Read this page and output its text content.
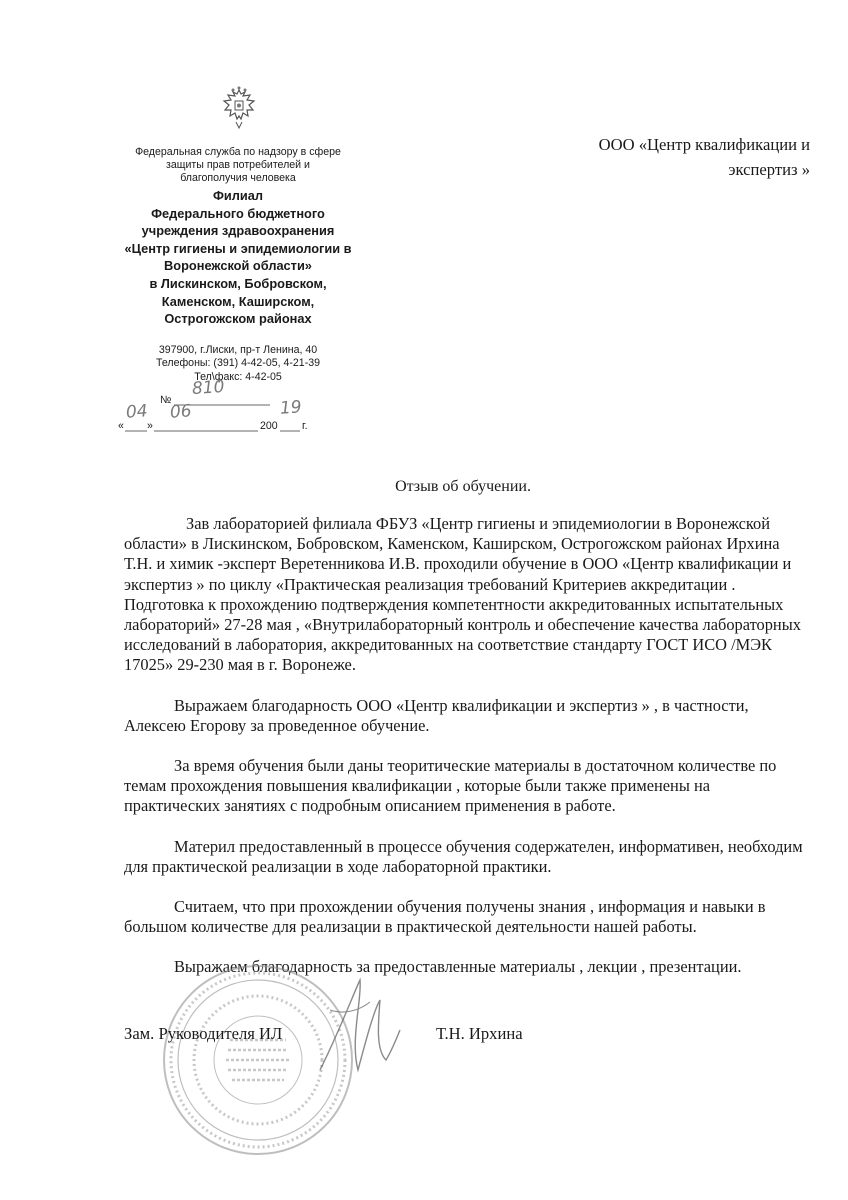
Федеральная служба по надзору в сфере
защиты прав потребителей и
благополучия человека
Филиал
Федерального бюджетного
учреждения здравоохранения
«Центр гигиены и эпидемиологии в
Воронежской области»
в Лискинском, Бобровском,
Каменском, Каширском,
Острогожском районах
397900, г.Лиски, пр-т Ленина, 40
Телефоны: (391) 4-42-05, 4-21-39
Тел\факс: 4-42-05
№
810
«
04
»
06
200
19
г.
ООО «Центр квалификации и
экспертиз »
Отзыв об обучении.

Зав лабораторией филиала ФБУЗ «Центр гигиены и эпидемиологии в Воронежской области» в Лискинском, Бобровском, Каменском, Каширском, Острогожском районах Ирхина Т.Н. и химик -эксперт Веретенникова И.В. проходили обучение в ООО «Центр квалификации и экспертиз » по циклу «Практическая реализация требований Критериев аккредитации . Подготовка к прохождению подтверждения компетентности аккредитованных испытательных лабораторий» 27-28 мая , «Внутрилабораторный контроль и обеспечение качества лабораторных исследований в лаборатория, аккредитованных на соответствие стандарту ГОСТ ИСО /МЭК 17025» 29-230 мая в г. Воронеже.

Выражаем благодарность ООО «Центр квалификации и экспертиз » , в частности, Алексею Егорову за проведенное обучение.

За время обучения были даны теоритические материалы в достаточном количестве по темам прохождения повышения квалификации , которые были также применены на практических занятиях с подробным описанием применения в работе.

Материл предоставленный в процессе обучения содержателен, информативен, необходим для практической реализации в ходе лабораторной практики.

Считаем, что при прохождении обучения получены знания , информация и навыки в большом количестве для реализации в практической деятельности нашей работы.

Выражаем благодарность за предоставленные материалы , лекции , презентации.

Зам. Руководителя ИЛ	Т.Н. Ирхина
